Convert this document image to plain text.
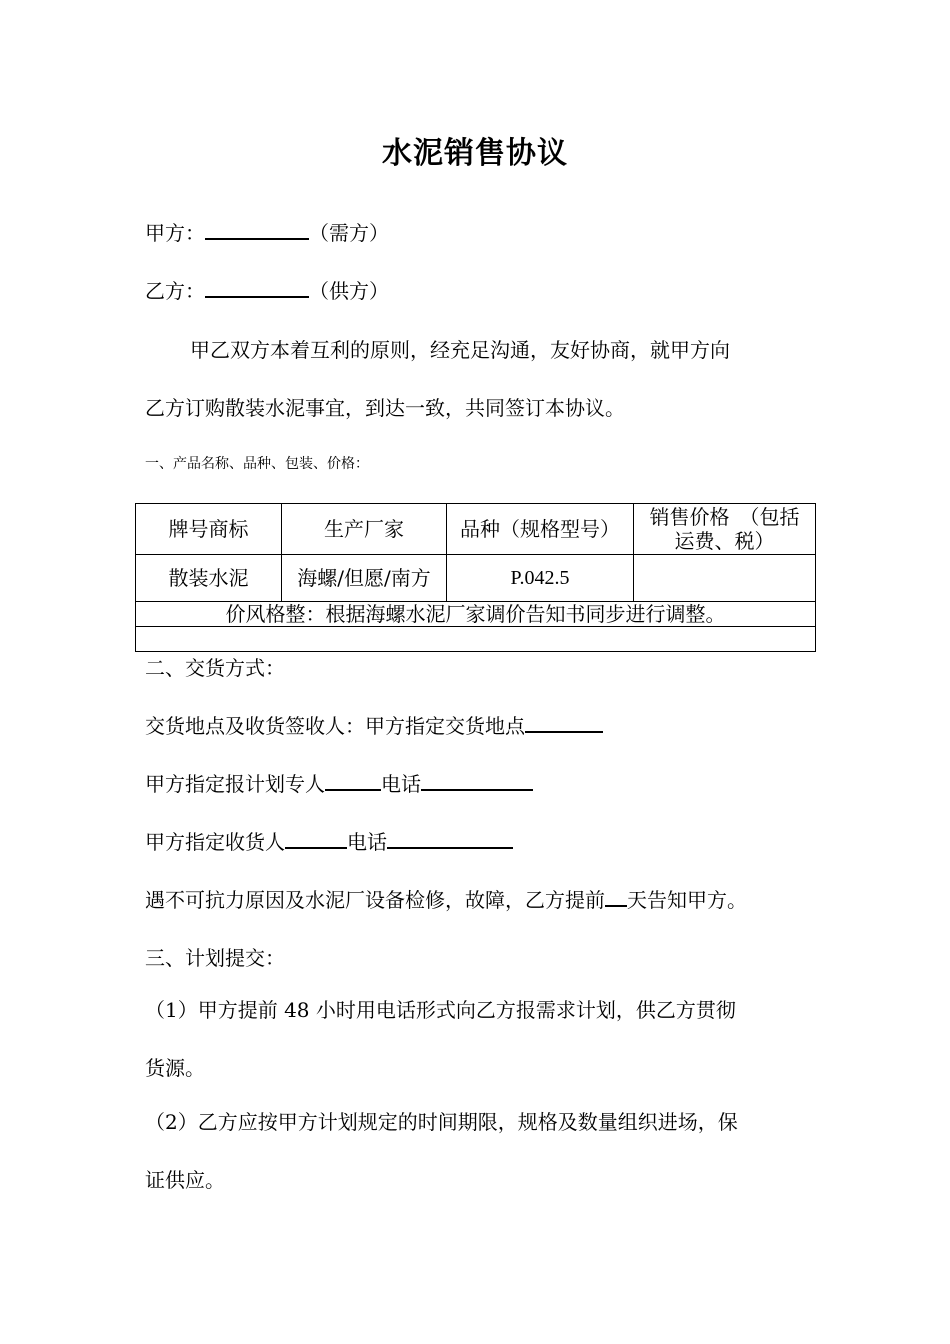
水泥销售协议
甲方：	（需方）
乙方：	（供方）
甲乙双方本着互利的原则，经充足沟通，友好协商，就甲方向
乙方订购散装水泥事宜，到达一致，共同签订本协议。
一、产品名称、品种、包装、价格：
牌号商标	生产厂家	品种（规格型号）	销售价格　（包括运费、税）
散装水泥	海螺/但愿/南方	P.042.5	
价风格整：根据海螺水泥厂家调价告知书同步进行调整。			

二、交货方式：
交货地点及收货签收人：甲方指定交货地点
甲方指定报计划专人	电话
甲方指定收货人	电话
遇不可抗力原因及水泥厂设备检修，故障，乙方提前 天告知甲方。
三、计划提交：
（1）甲方提前 48 小时用电话形式向乙方报需求计划，供乙方贯彻
货源。
（2）乙方应按甲方计划规定的时间期限，规格及数量组织进场，保
证供应。
